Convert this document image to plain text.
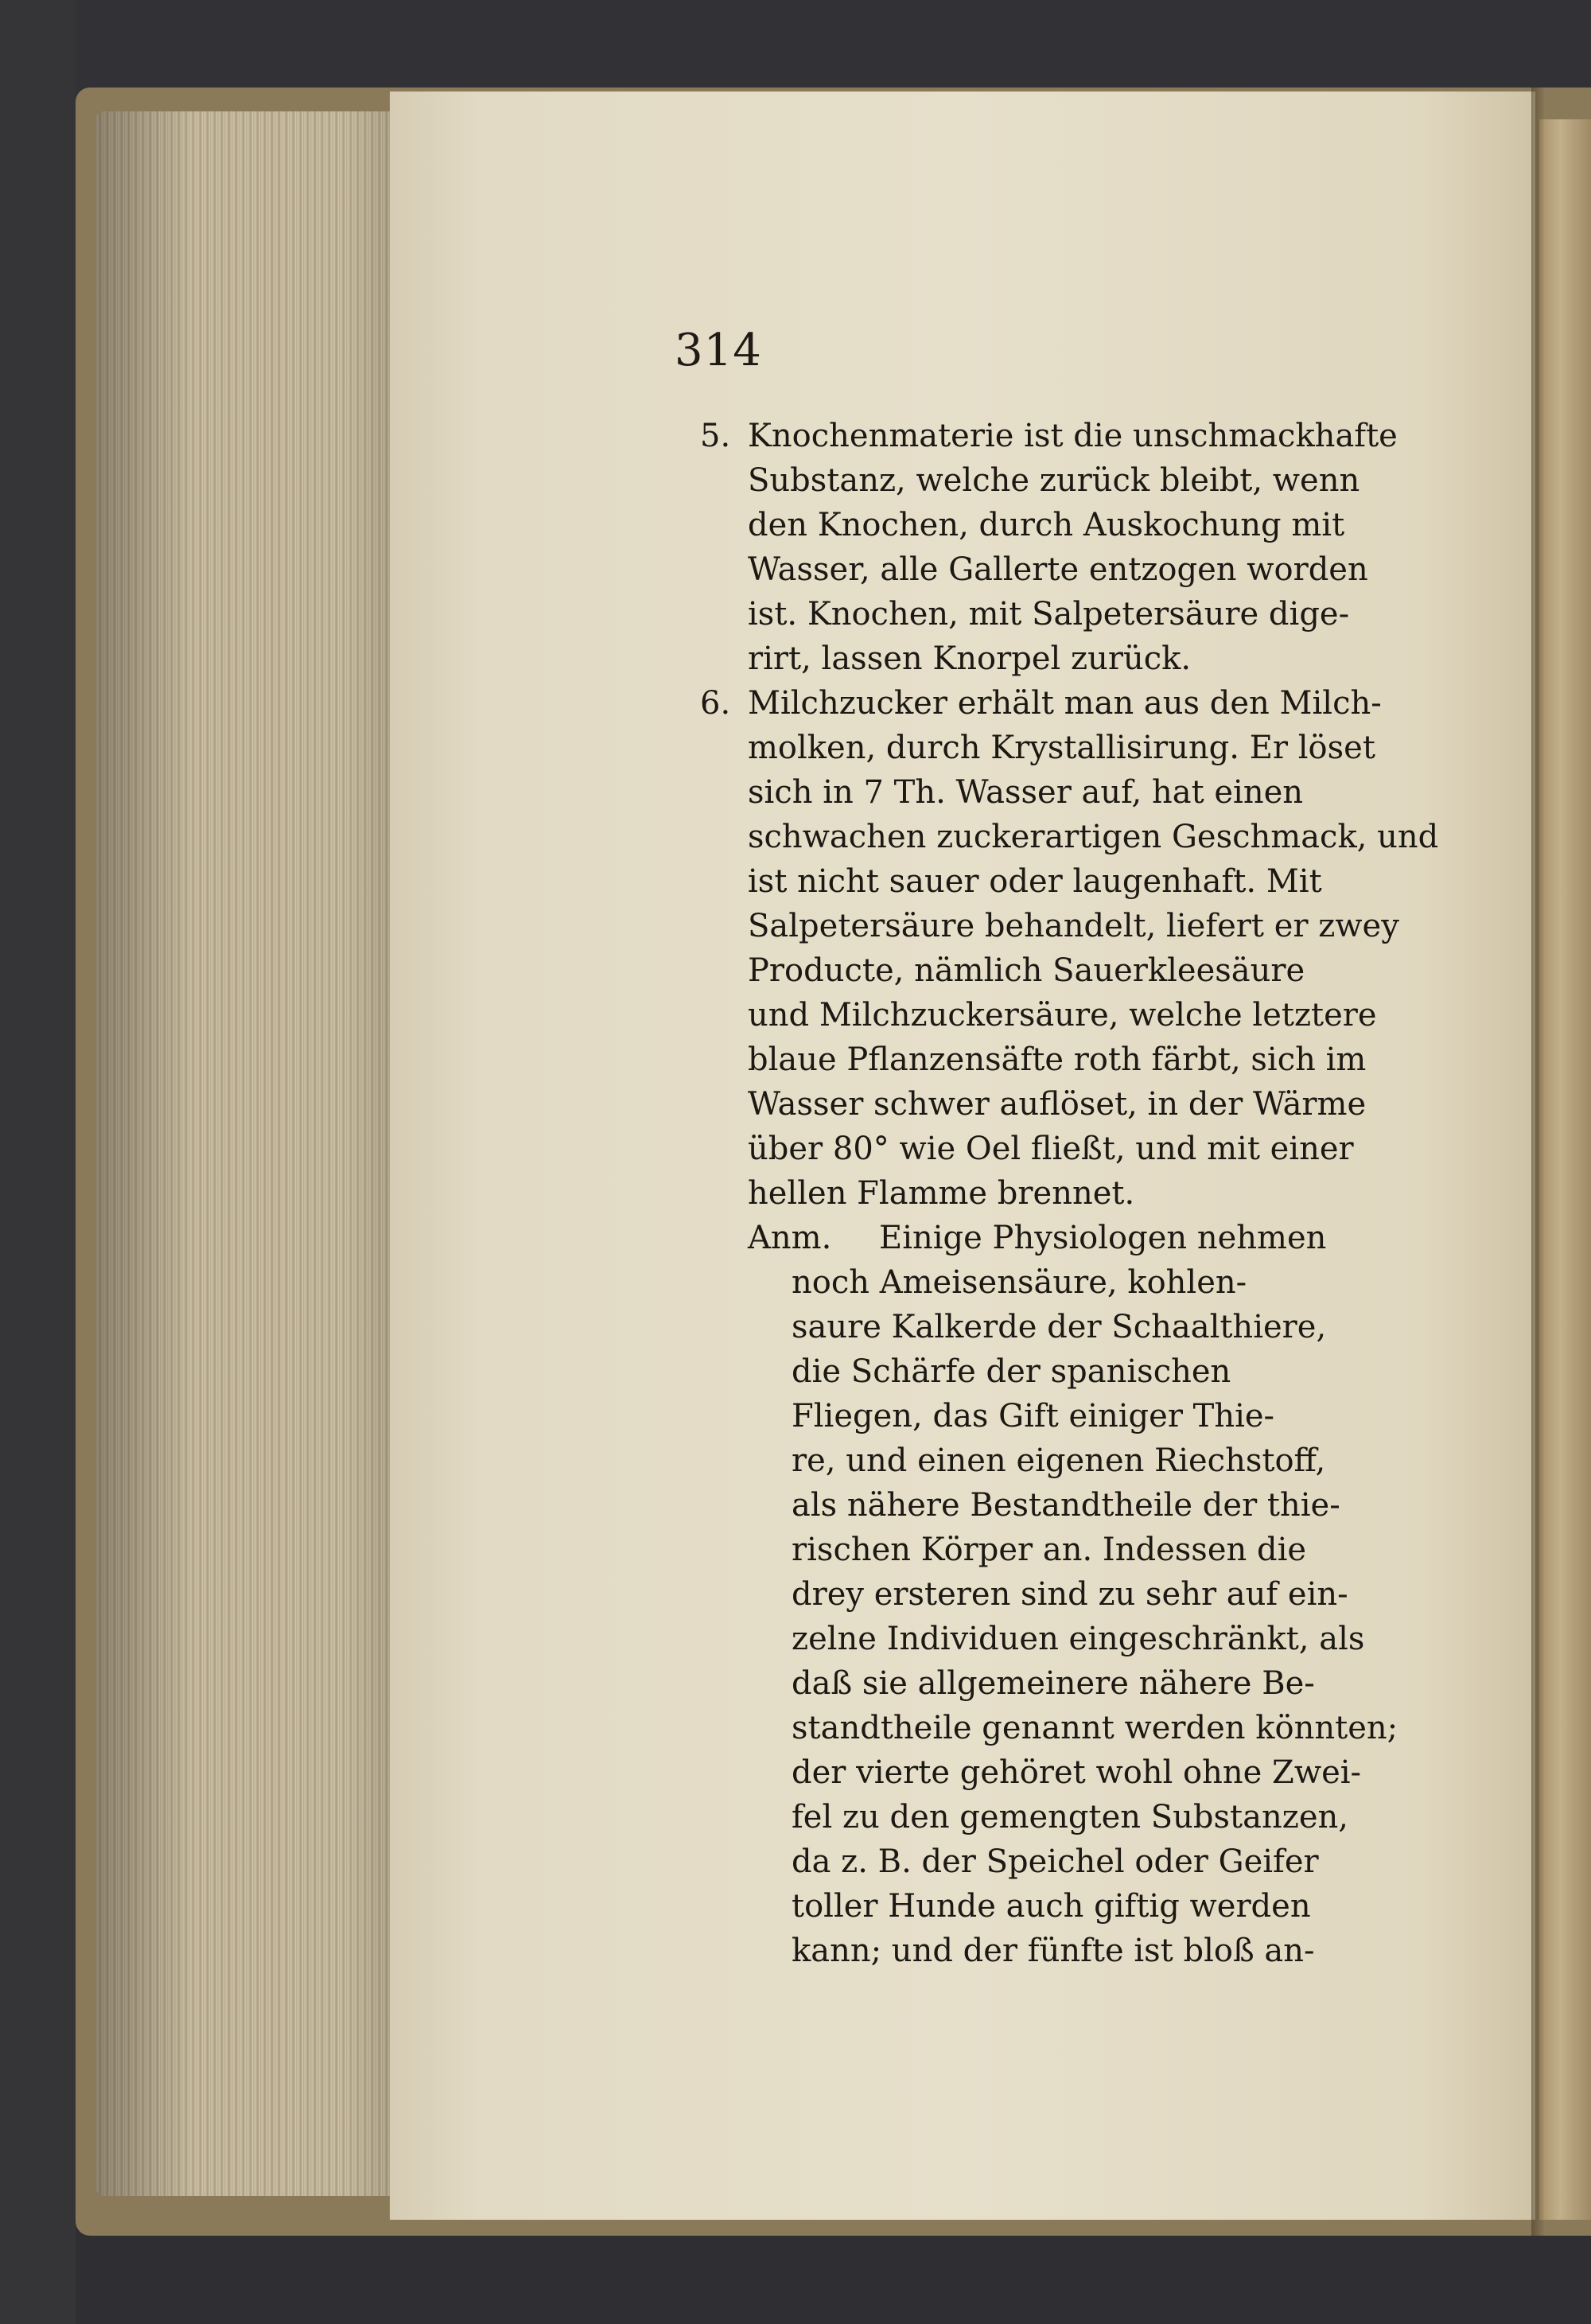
314
5. Knochenmaterie ist die unschmackhafte
Substanz, welche zurück bleibt, wenn
den Knochen, durch Auskochung mit
Wasser, alle Gallerte entzogen worden
ist. Knochen, mit Salpetersäure dige-
rirt, lassen Knorpel zurück.
6. Milchzucker erhält man aus den Milch-
molken, durch Krystallisirung. Er löset
sich in 7 Th. Wasser auf, hat einen
schwachen zuckerartigen Geschmack, und
ist nicht sauer oder laugenhaft. Mit
Salpetersäure behandelt, liefert er zwey
Producte, nämlich Sauerkleesäure
und Milchzuckersäure, welche letztere
blaue Pflanzensäfte roth färbt, sich im
Wasser schwer auflöset, in der Wärme
über 80° wie Oel fließt, und mit einer
hellen Flamme brennet.
Anm.	Einige Physiologen nehmen
noch Ameisensäure, kohlen-
saure Kalkerde der Schaalthiere,
die Schärfe der spanischen
Fliegen, das Gift einiger Thie-
re, und einen eigenen Riechstoff,
als nähere Bestandtheile der thie-
rischen Körper an. Indessen die
drey ersteren sind zu sehr auf ein-
zelne Individuen eingeschränkt, als
daß sie allgemeinere nähere Be-
standtheile genannt werden könnten;
der vierte gehöret wohl ohne Zwei-
fel zu den gemengten Substanzen,
da z. B. der Speichel oder Geifer
toller Hunde auch giftig werden
kann; und der fünfte ist bloß an-
